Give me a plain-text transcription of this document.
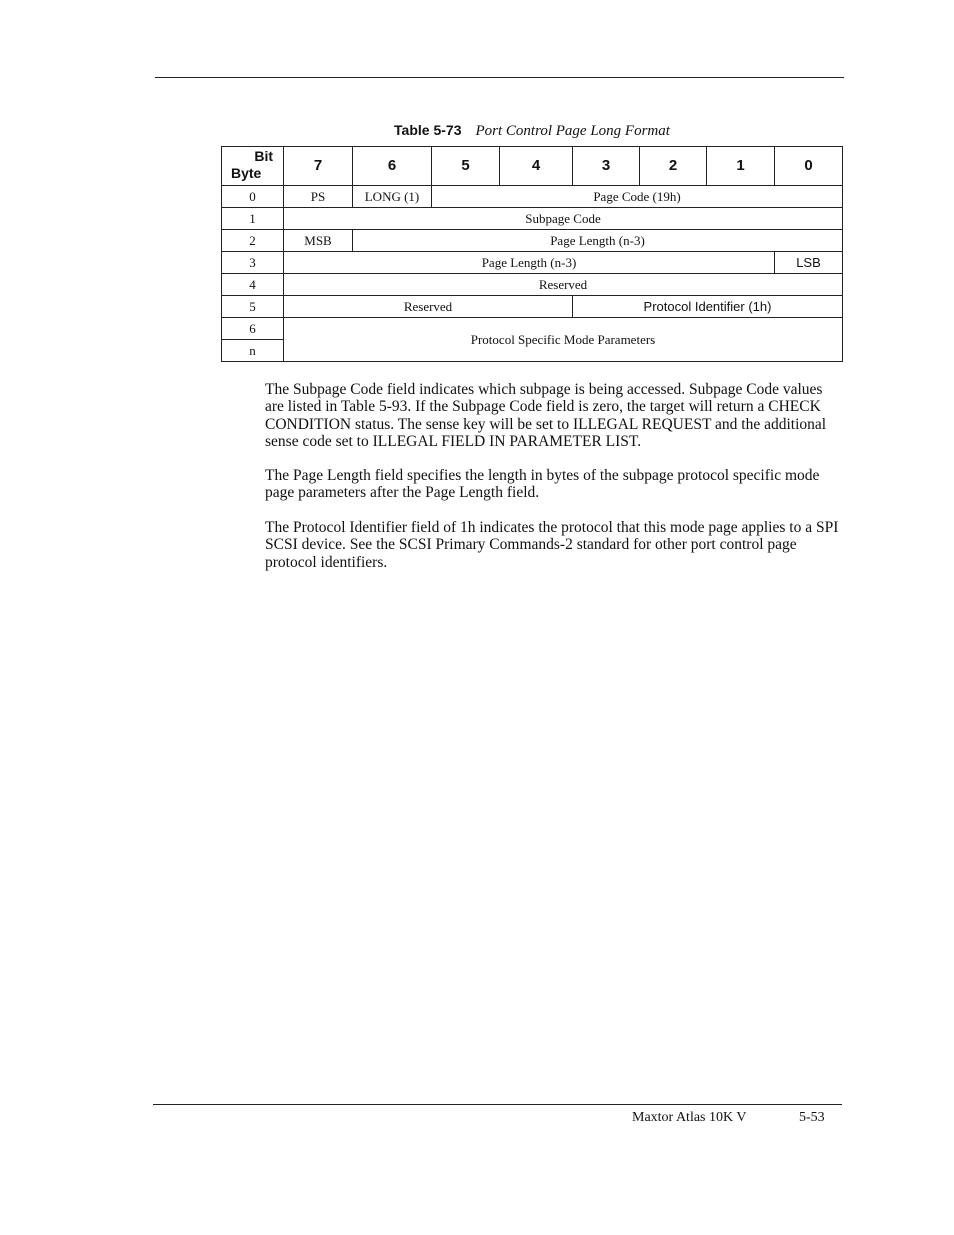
Table 5-73 Port Control Page Long Format
Bit
Byte	7	6	5	4	3	2	1	0
0	PS	LONG (1)	Page Code (19h)					
1	Subpage Code							
2	MSB	Page Length (n-3)						
3	Page Length (n-3)							LSB
4	Reserved							
5	Reserved				Protocol Identifier (1h)			
6	Protocol Specific Mode Parameters							
n								

The Subpage Code field indicates which subpage is being accessed. Subpage Code values are listed in Table 5-93. If the Subpage Code field is zero, the target will return a CHECK CONDITION status. The sense key will be set to ILLEGAL REQUEST and the additional sense code set to ILLEGAL FIELD IN PARAMETER LIST.

The Page Length field specifies the length in bytes of the subpage protocol specific mode page parameters after the Page Length field.

The Protocol Identifier field of 1h indicates the protocol that this mode page applies to a SPI SCSI device. See the SCSI Primary Commands-2 standard for other port control page protocol identifiers.

Maxtor Atlas 10K V	5-53
